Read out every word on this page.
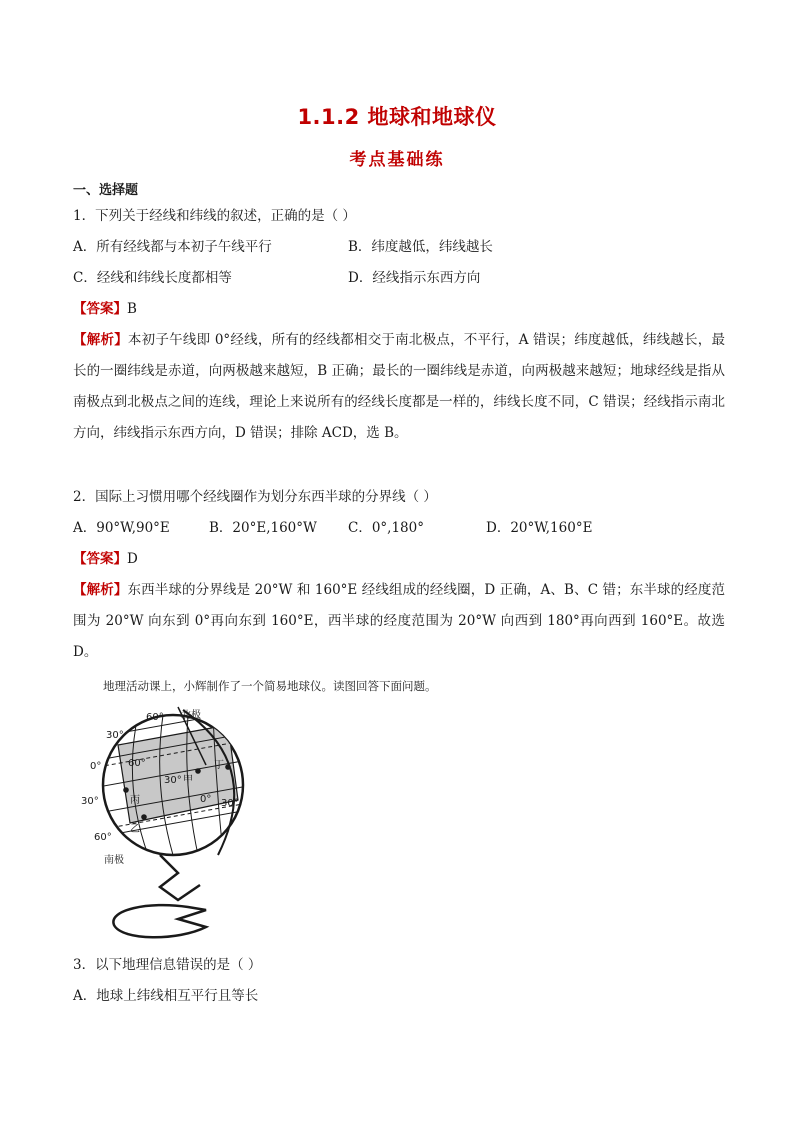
1.1.2 地球和地球仪
考点基础练
一、选择题
1．下列关于经线和纬线的叙述，正确的是（ ）
A．所有经线都与本初子午线平行	B．纬度越低，纬线越长
C．经线和纬线长度都相等	D．经线指示东西方向
【答案】B
【解析】本初子午线即 0°经线，所有的经线都相交于南北极点，不平行，A 错误；纬度越低，纬线越长，最长的一圈纬线是赤道，向两极越来越短，B 正确；最长的一圈纬线是赤道，向两极越来越短；地球经线是指从南极点到北极点之间的连线，理论上来说所有的经线长度都是一样的，纬线长度不同，C 错误；经线指示南北方向，纬线指示东西方向，D 错误；排除 ACD，选 B。
2．国际上习惯用哪个经线圈作为划分东西半球的分界线（ ）
A．90°W,90°E	B．20°E,160°W C．0°,180°	D．20°W,160°E
【答案】D
【解析】东西半球的分界线是 20°W 和 160°E 经线组成的经线圈，D 正确，A、B、C 错；东半球的经度范围为 20°W 向东到 0°再向东到 160°E，西半球的经度范围为 20°W 向西到 180°再向西到 160°E。故选 D。
地理活动课上，小辉制作了一个简易地球仪。读图回答下面问题。
北极
60°
30°
0°
30°
60°
60°
30°
0° 30°
甲
丁
丙
乙
南极
3．以下地理信息错误的是（ ）
A．地球上纬线相互平行且等长
